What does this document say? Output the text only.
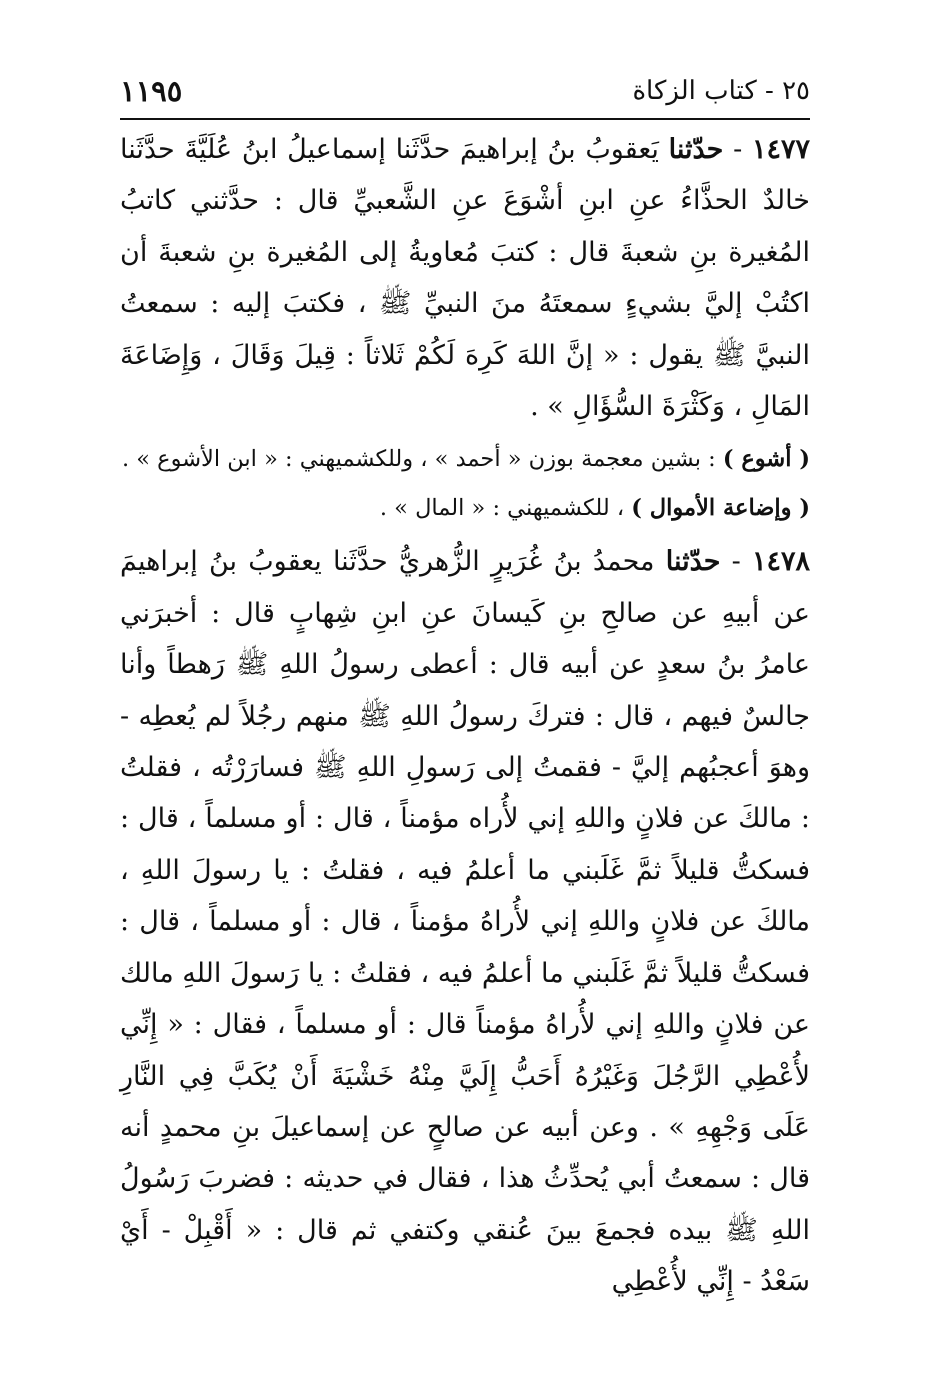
٢٥ - كتاب الزكاة
١١٩٥

١٤٧٧ - حدّثنا يَعقوبُ بنُ إبراهيمَ حدَّثَنا إسماعيلُ ابنُ عُلَيَّةَ حدَّثَنا خالدٌ الحذَّاءُ عنِ ابنِ أشْوَعَ عنِ الشَّعبيِّ قال : حدَّثني كاتبُ المُغيرة بنِ شعبةَ قال : كتبَ مُعاويةُ إلى المُغيرة بنِ شعبةَ أن اكتُبْ إليَّ بشيءٍ سمعتَهُ منَ النبيِّ ﷺ ، فكتبَ إليه : سمعتُ النبيَّ ﷺ يقول : « إنَّ اللهَ كَرِهَ لَكُمْ ثَلاثاً : قِيلَ وَقَالَ ، وَإِضَاعَةَ المَالِ ، وَكَثْرَةَ السُّؤَالِ » .

( أشوع ) : بشين معجمة بوزن « أحمد » ، وللكشميهني : « ابن الأشوع » .

( وإضاعة الأموال ) ، للكشميهني : « المال » .

١٤٧٨ - حدّثنا محمدُ بنُ غُرَيرٍ الزُّهريُّ حدَّثَنا يعقوبُ بنُ إبراهيمَ عن أبيهِ عن صالحِ بنِ كَيسانَ عنِ ابنِ شِهابٍ قال : أخبرَني عامرُ بنُ سعدٍ عن أبيه قال : أعطى رسولُ اللهِ ﷺ رَهطاً وأنا جالسٌ فيهم ، قال : فتركَ رسولُ اللهِ ﷺ منهم رجُلاً لم يُعطِه - وهوَ أعجبُهم إليَّ - فقمتُ إلى رَسولِ اللهِ ﷺ فسارَرْتُه ، فقلتُ : مالكَ عن فلانٍ واللهِ إني لأُراه مؤمناً ، قال : أو مسلماً ، قال : فسكتُّ قليلاً ثمَّ غَلَبني ما أعلمُ فيه ، فقلتُ : يا رسولَ اللهِ ، مالكَ عن فلانٍ واللهِ إني لأُراهُ مؤمناً ، قال : أو مسلماً ، قال : فسكتُّ قليلاً ثمَّ غَلَبني ما أعلمُ فيه ، فقلتُ : يا رَسولَ اللهِ مالك عن فلانٍ واللهِ إني لأُراهُ مؤمناً قال : أو مسلماً ، فقال : « إِنِّي لأُعْطِي الرَّجُلَ وَغَيْرُهُ أَحَبُّ إِلَيَّ مِنْهُ خَشْيَةَ أَنْ يُكَبَّ فِي النَّارِ عَلَى وَجْهِهِ » . وعن أبيه عن صالحٍ عن إسماعيلَ بنِ محمدٍ أنه قال : سمعتُ أبي يُحدِّثُ هذا ، فقال في حديثه : فضربَ رَسُولُ اللهِ ﷺ بيده فجمعَ بينَ عُنقي وكتفي ثم قال : « أَقْبِلْ - أَيْ سَعْدُ - إِنِّي لأُعْطِي
